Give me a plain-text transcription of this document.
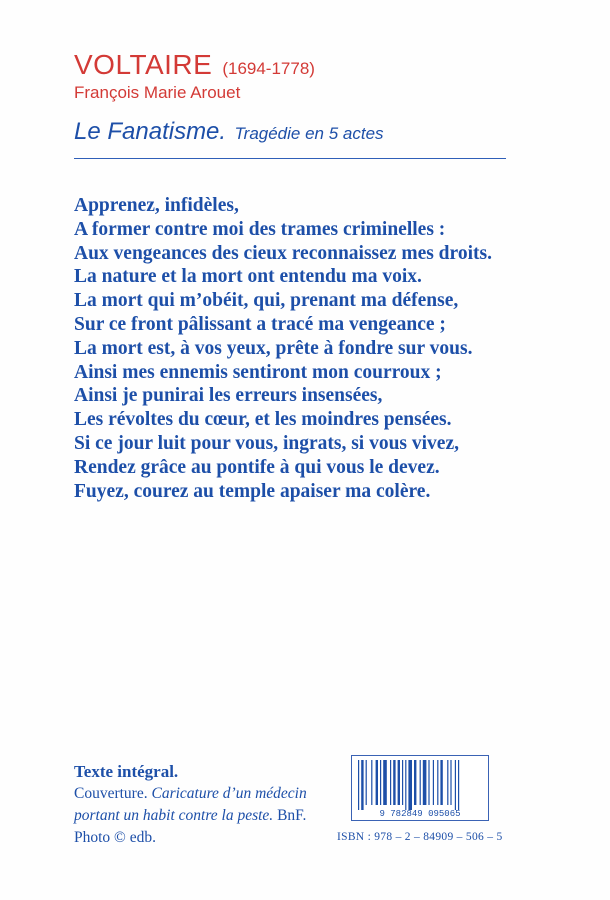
VOLTAIRE (1694-1778)
François Marie Arouet
Le Fanatisme. Tragédie en 5 actes
Apprenez, infidèles,
A former contre moi des trames criminelles :
Aux vengeances des cieux reconnaissez mes droits.
La nature et la mort ont entendu ma voix.
La mort qui m’obéit, qui, prenant ma défense,
Sur ce front pâlissant a tracé ma vengeance ;
La mort est, à vos yeux, prête à fondre sur vous.
Ainsi mes ennemis sentiront mon courroux ;
Ainsi je punirai les erreurs insensées,
Les révoltes du cœur, et les moindres pensées.
Si ce jour luit pour vous, ingrats, si vous vivez,
Rendez grâce au pontife à qui vous le devez.
Fuyez, courez au temple apaiser ma colère.
Texte intégral.
Couverture. Caricature d’un médecin portant un habit contre la peste. BnF.
Photo © edb.
9 782849 095065
ISBN : 978 – 2 – 84909 – 506 – 5
